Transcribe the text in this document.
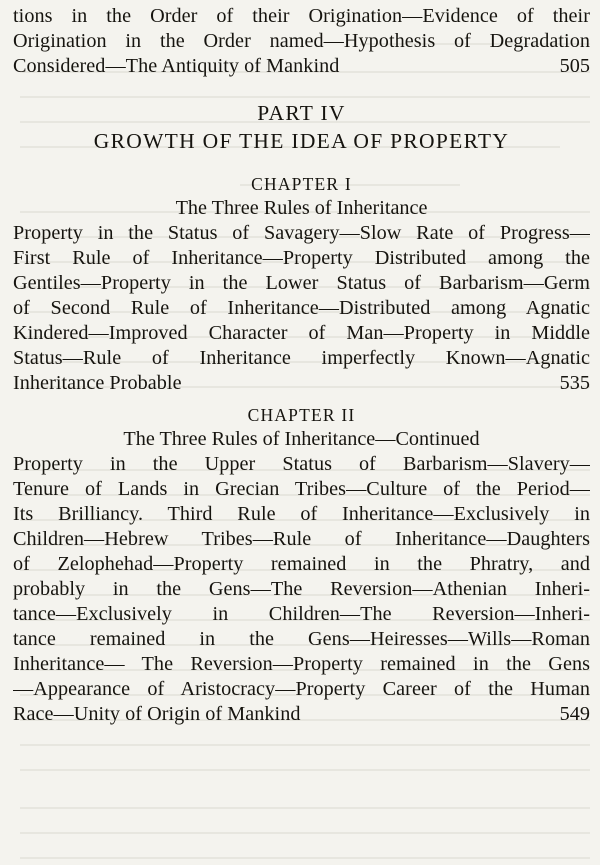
tions in the Order of their Origination—Evidence of their
Origination in the Order named—Hypothesis of Degradation
Considered—The Antiquity of Mankind	505
PART IV
GROWTH OF THE IDEA OF PROPERTY
CHAPTER I
The Three Rules of Inheritance
Property in the Status of Savagery—Slow Rate of Progress—
First Rule of Inheritance—Property Distributed among the
Gentiles—Property in the Lower Status of Barbarism—Germ
of Second Rule of Inheritance—Distributed among Agnatic
Kindered—Improved Character of Man—Property in Middle
Status—Rule of Inheritance imperfectly Known—Agnatic
Inheritance Probable	535
CHAPTER II
The Three Rules of Inheritance—Continued
Property in the Upper Status of Barbarism—Slavery—
Tenure of Lands in Grecian Tribes—Culture of the Period—
Its Brilliancy. Third Rule of Inheritance—Exclusively in
Children—Hebrew Tribes—Rule of Inheritance—Daughters
of Zelophehad—Property remained in the Phratry, and
probably in the Gens—The Reversion—Athenian Inheri-
tance—Exclusively in Children—The Reversion—Inheri-
tance remained in the Gens—Heiresses—Wills—Roman
Inheritance— The Reversion—Property remained in the Gens
—Appearance of Aristocracy—Property Career of the Human
Race—Unity of Origin of Mankind	549
